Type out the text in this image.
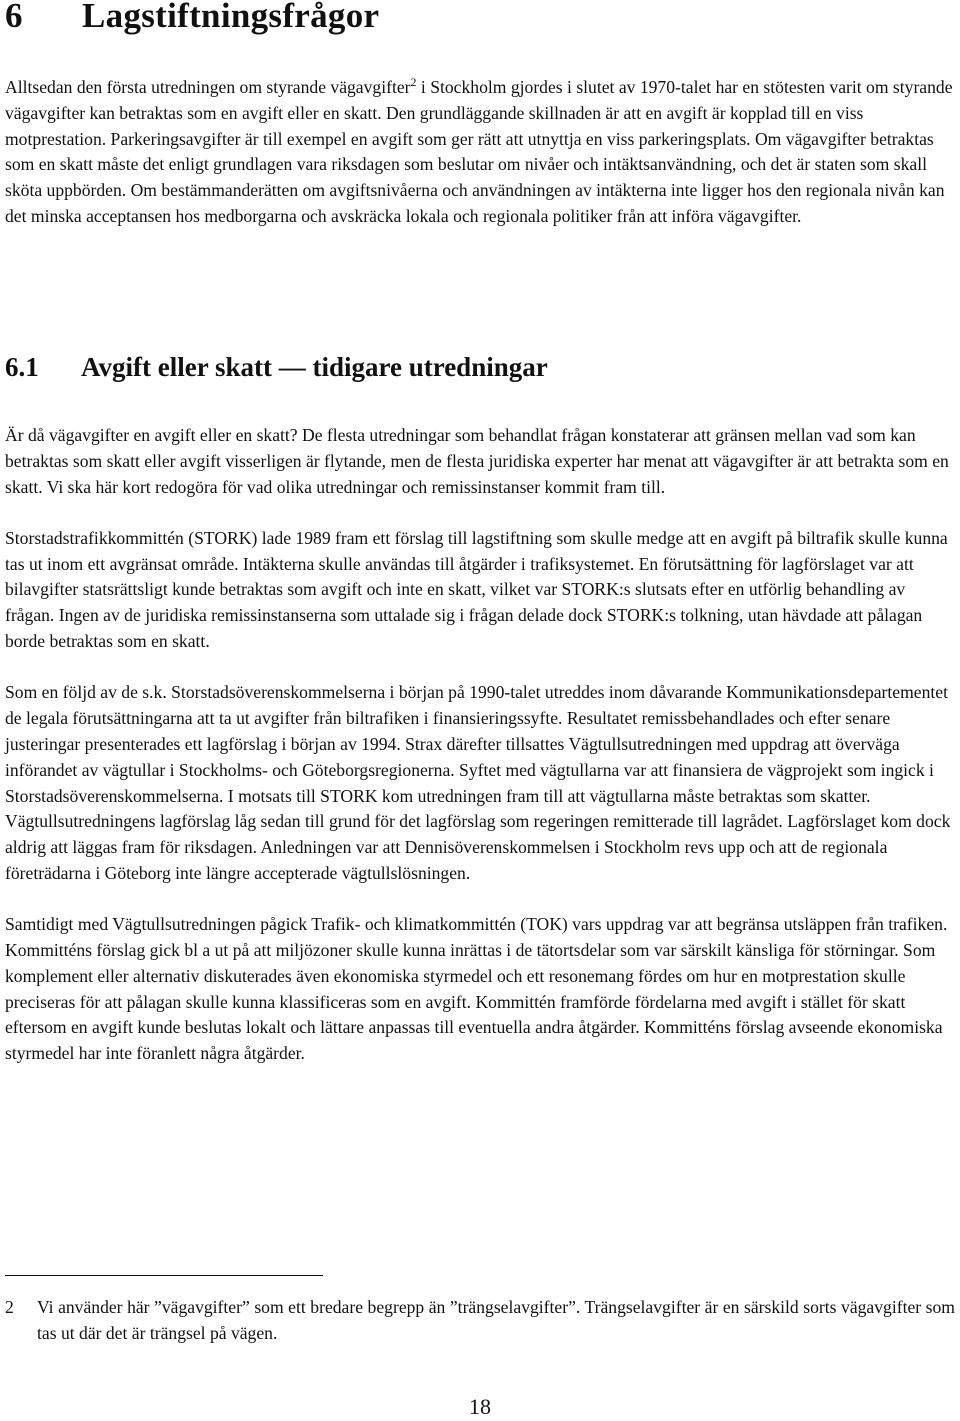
6 Lagstiftningsfrågor

Alltsedan den första utredningen om styrande vägavgifter$^2$ i Stockholm gjordes i slutet av 1970-talet har en stötesten varit om styrande vägavgifter kan betraktas som en avgift eller en skatt. Den grundläggande skillnaden är att en avgift är kopplad till en viss motprestation. Parkeringsavgifter är till exempel en avgift som ger rätt att utnyttja en viss parkeringsplats. Om vägavgifter betraktas som en skatt måste det enligt grundlagen vara riksdagen som beslutar om nivåer och intäktsanvändning, och det är staten som skall sköta uppbörden. Om bestämmanderätten om avgiftsnivåerna och användningen av intäkterna inte ligger hos den regionala nivån kan det minska acceptansen hos medborgarna och avskräcka lokala och regionala politiker från att införa vägavgifter.

6.1 Avgift eller skatt — tidigare utredningar

Är då vägavgifter en avgift eller en skatt? De flesta utredningar som behandlat frågan konstaterar att gränsen mellan vad som kan betraktas som skatt eller avgift visserligen är flytande, men de flesta juridiska experter har menat att vägavgifter är att betrakta som en skatt. Vi ska här kort redogöra för vad olika utredningar och remissinstanser kommit fram till.

Storstadstrafikkommittén (STORK) lade 1989 fram ett förslag till lagstiftning som skulle medge att en avgift på biltrafik skulle kunna tas ut inom ett avgränsat område. Intäkterna skulle användas till åtgärder i trafiksystemet. En förutsättning för lagförslaget var att bilavgifter statsrättsligt kunde betraktas som avgift och inte en skatt, vilket var STORK:s slutsats efter en utförlig behandling av frågan. Ingen av de juridiska remissinstanserna som uttalade sig i frågan delade dock STORK:s tolkning, utan hävdade att pålagan borde betraktas som en skatt.

Som en följd av de s.k. Storstadsöverenskommelserna i början på 1990-talet utreddes inom dåvarande Kommunikationsdepartementet de legala förutsättningarna att ta ut avgifter från biltrafiken i finansieringssyfte. Resultatet remissbehandlades och efter senare justeringar presenterades ett lagförslag i början av 1994. Strax därefter tillsattes Vägtullsutredningen med uppdrag att överväga införandet av vägtullar i Stockholms- och Göteborgsregionerna. Syftet med vägtullarna var att finansiera de vägprojekt som ingick i Storstadsöverenskommelserna. I motsats till STORK kom utredningen fram till att vägtullarna måste betraktas som skatter. Vägtullsutredningens lagförslag låg sedan till grund för det lagförslag som regeringen remitterade till lagrådet. Lagförslaget kom dock aldrig att läggas fram för riksdagen. Anledningen var att Dennisöverenskommelsen i Stockholm revs upp och att de regionala företrädarna i Göteborg inte längre accepterade vägtullslösningen.

Samtidigt med Vägtullsutredningen pågick Trafik- och klimatkommittén (TOK) vars uppdrag var att begränsa utsläppen från trafiken. Kommitténs förslag gick bl a ut på att miljözoner skulle kunna inrättas i de tätortsdelar som var särskilt känsliga för störningar. Som komplement eller alternativ diskuterades även ekonomiska styrmedel och ett resonemang fördes om hur en motprestation skulle preciseras för att pålagan skulle kunna klassificeras som en avgift. Kommittén framförde fördelarna med avgift i stället för skatt eftersom en avgift kunde beslutas lokalt och lättare anpassas till eventuella andra åtgärder. Kommitténs förslag avseende ekonomiska styrmedel har inte föranlett några åtgärder.

2 Vi använder här ”vägavgifter” som ett bredare begrepp än ”trängselavgifter”. Trängselavgifter är en särskild sorts vägavgifter som tas ut där det är trängsel på vägen.
18
